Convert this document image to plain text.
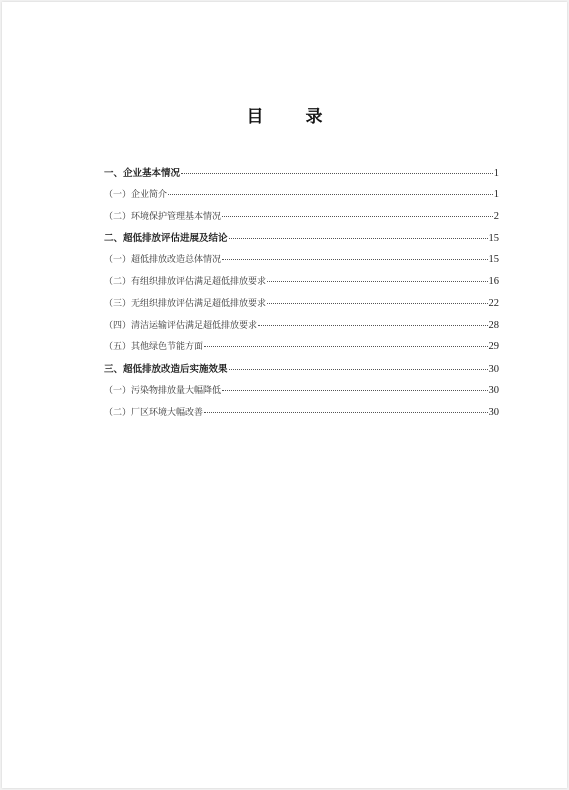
目 录
一、企业基本情况	1
（一）企业简介	1
（二）环境保护管理基本情况	2
二、超低排放评估进展及结论	15
（一）超低排放改造总体情况	15
（二）有组织排放评估满足超低排放要求	16
（三）无组织排放评估满足超低排放要求	22
（四）清洁运输评估满足超低排放要求	28
（五）其他绿色节能方面	29
三、超低排放改造后实施效果	30
（一）污染物排放量大幅降低	30
（二）厂区环境大幅改善	30
